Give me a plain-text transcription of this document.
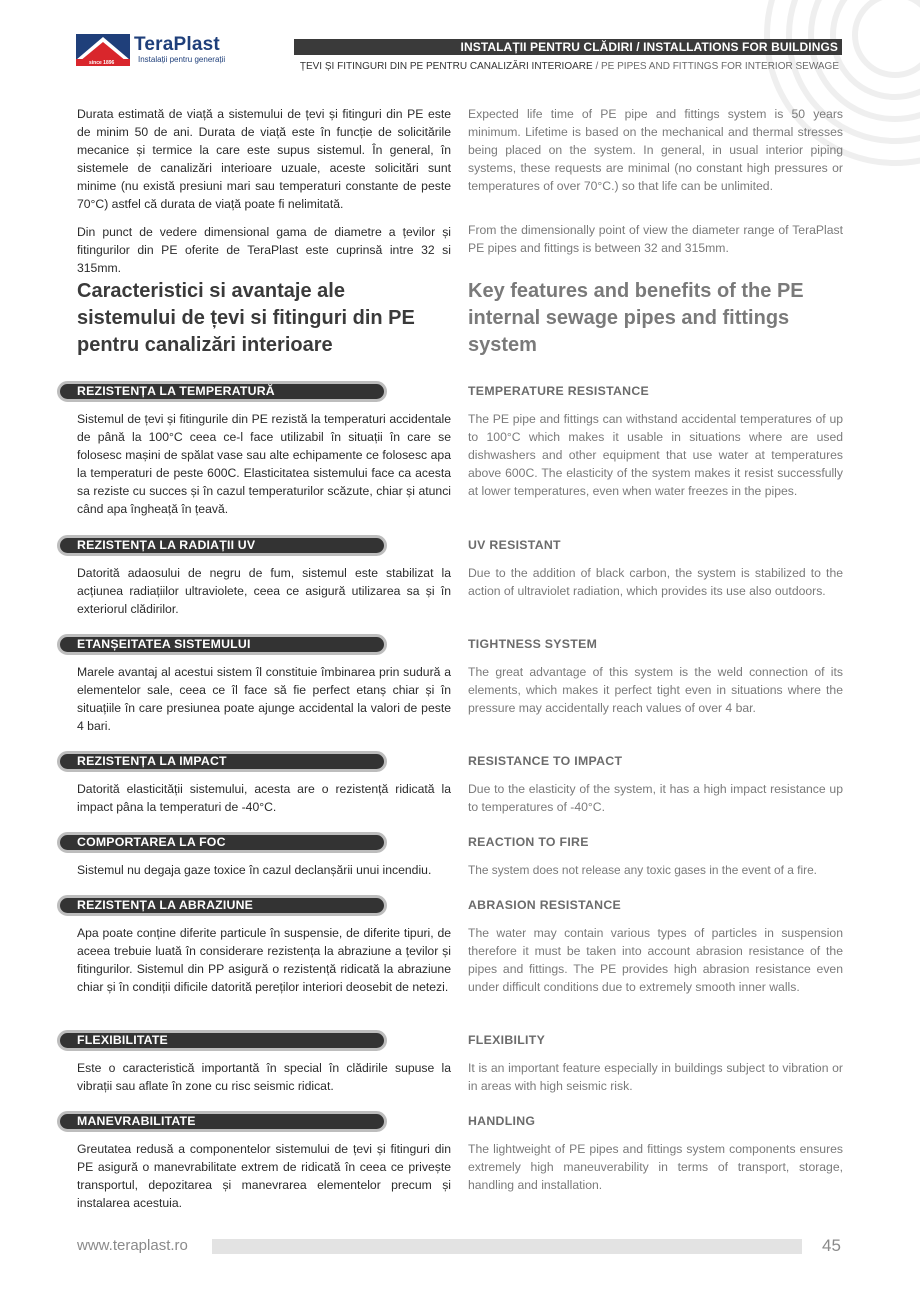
since 1896
TeraPlast
Instalații pentru generații
INSTALAȚII PENTRU CLĂDIRI / INSTALLATIONS FOR BUILDINGS
ȚEVI ȘI FITINGURI DIN PE PENTRU CANALIZĂRI INTERIOARE / PE PIPES AND FITTINGS FOR INTERIOR SEWAGE

Durata estimată de viață a sistemului de țevi și fitinguri din PE este de minim 50 de ani. Durata de viață este în funcție de solicitările mecanice și termice la care este supus sistemul. În general, în sistemele de canalizări interioare uzuale, aceste solicitări sunt minime (nu există presiuni mari sau temperaturi constante de peste 70°C) astfel că durata de viață poate fi nelimitată.

Din punct de vedere dimensional gama de diametre a țevilor și fitingurilor din PE oferite de TeraPlast este cuprinsă intre 32 si 315mm.

Caracteristici si avantaje ale sistemului de țevi si fitinguri din PE pentru canalizări interioare
REZISTENȚA LA TEMPERATURĂ

Sistemul de țevi și fitingurile din PE rezistă la temperaturi accidentale de până la 100°C ceea ce-l face utilizabil în situații în care se folosesc mașini de spălat vase sau alte echipamente ce folosesc apa la temperaturi de peste 600C. Elasticitatea sistemului face ca acesta sa reziste cu succes și în cazul temperaturilor scăzute, chiar și atunci când apa îngheață în țeavă.

REZISTENȚA LA RADIAȚII UV

Datorită adaosului de negru de fum, sistemul este stabilizat la acțiunea radiațiilor ultraviolete, ceea ce asigură utilizarea sa și în exteriorul clădirilor.

ETANȘEITATEA SISTEMULUI

Marele avantaj al acestui sistem îl constituie îmbinarea prin sudură a elementelor sale, ceea ce îl face să fie perfect etanș chiar și în situațiile în care presiunea poate ajunge accidental la valori de peste 4 bari.

REZISTENȚA LA IMPACT

Datorită elasticității sistemului, acesta are o rezistență ridicată la impact pâna la temperaturi de -40°C.

COMPORTAREA LA FOC

Sistemul nu degaja gaze toxice în cazul declanșării unui incendiu.

REZISTENȚA LA ABRAZIUNE

Apa poate conține diferite particule în suspensie, de diferite tipuri, de aceea trebuie luată în considerare rezistența la abraziune a țevilor și fitingurilor. Sistemul din PP asigură o rezistență ridicată la abraziune chiar și în condiții dificile datorită pereților interiori deosebit de netezi.

FLEXIBILITATE

Este o caracteristică importantă în special în clădirile supuse la vibrații sau aflate în zone cu risc seismic ridicat.

MANEVRABILITATE

Greutatea redusă a componentelor sistemului de țevi și fitinguri din PE asigură o manevrabilitate extrem de ridicată în ceea ce privește transportul, depozitarea și manevrarea elementelor precum și instalarea acestuia.

Expected life time of PE pipe and fittings system is 50 years minimum. Lifetime is based on the mechanical and thermal stresses being placed on the system. In general, in usual interior piping systems, these requests are minimal (no constant high pressures or temperatures of over 70°C.) so that life can be unlimited.

From the dimensionally point of view the diameter range of TeraPlast PE pipes and fittings is between 32 and 315mm.

Key features and benefits of the PE internal sewage pipes and fittings system
TEMPERATURE RESISTANCE

The PE pipe and fittings can withstand accidental temperatures of up to 100°C which makes it usable in situations where are used dishwashers and other equipment that use water at temperatures above 600C. The elasticity of the system makes it resist successfully at lower temperatures, even when water freezes in the pipes.

UV RESISTANT

Due to the addition of black carbon, the system is stabilized to the action of ultraviolet radiation, which provides its use also outdoors.

TIGHTNESS SYSTEM

The great advantage of this system is the weld connection of its elements, which makes it perfect tight even in situations where the pressure may accidentally reach values of over 4 bar.

RESISTANCE TO IMPACT

Due to the elasticity of the system, it has a high impact resistance up to temperatures of -40°C.

REACTION TO FIRE

The system does not release any toxic gases in the event of a fire.

ABRASION RESISTANCE

The water may contain various types of particles in suspension therefore it must be taken into account abrasion resistance of the pipes and fittings. The PE provides high abrasion resistance even under difficult conditions due to extremely smooth inner walls.

FLEXIBILITY

It is an important feature especially in buildings subject to vibration or in areas with high seismic risk.

HANDLING

The lightweight of PE pipes and fittings system components ensures extremely high maneuverability in terms of transport, storage, handling and installation.

www.teraplast.ro	45
